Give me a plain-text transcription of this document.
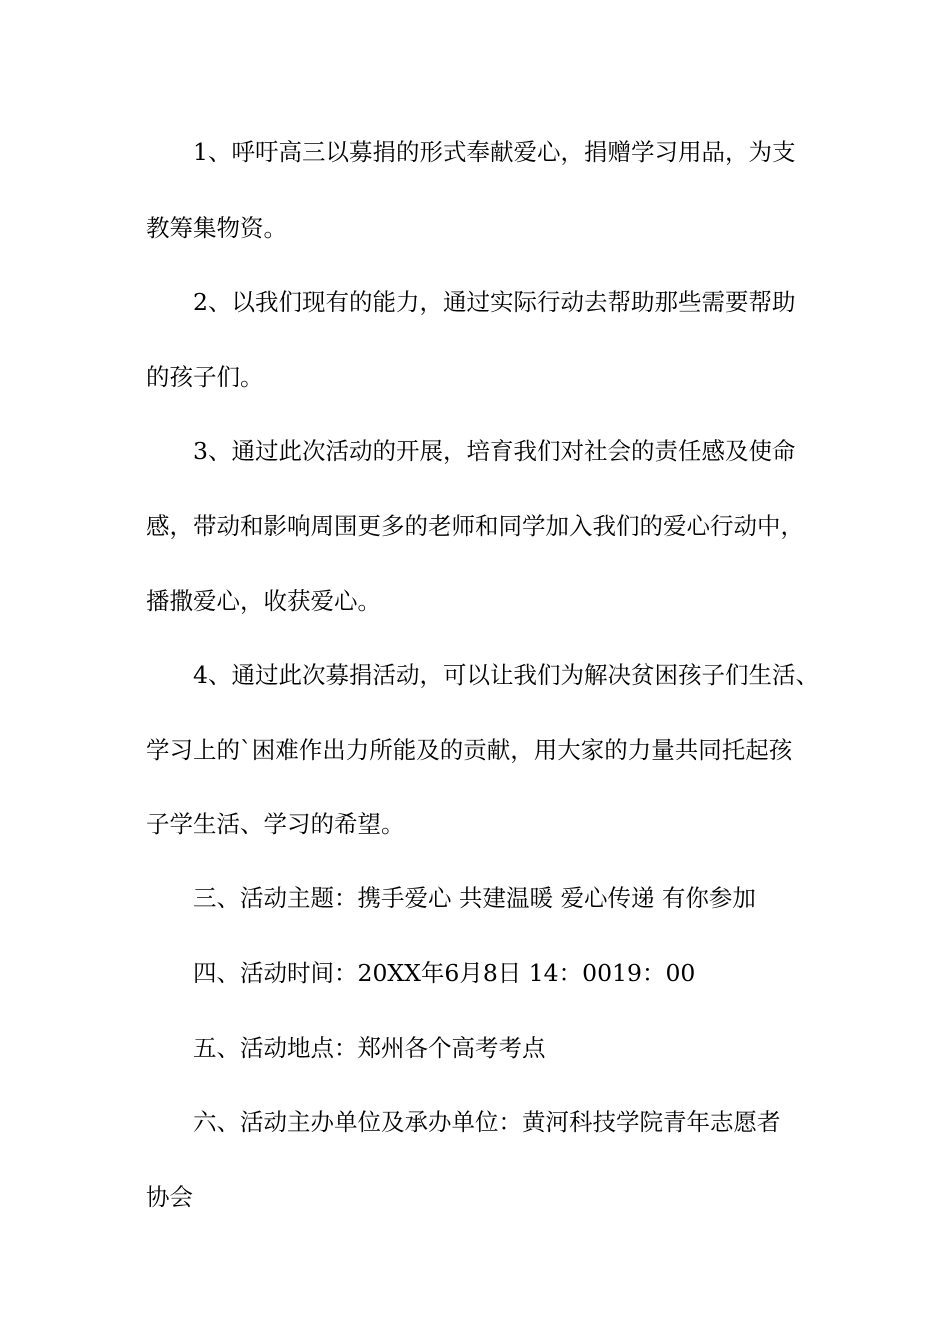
1、呼吁高三以募捐的形式奉献爱心，捐赠学习用品，为支
教筹集物资。
2、以我们现有的能力，通过实际行动去帮助那些需要帮助
的孩子们。
3、通过此次活动的开展，培育我们对社会的责任感及使命
感，带动和影响周围更多的老师和同学加入我们的爱心行动中，
播撒爱心，收获爱心。
4、通过此次募捐活动，可以让我们为解决贫困孩子们生活、
学习上的`困难作出力所能及的贡献，用大家的力量共同托起孩
子学生活、学习的希望。
三、活动主题：携手爱心 共建温暖 爱心传递 有你参加
四、活动时间：20XX年6月8日 14：0019：00
五、活动地点：郑州各个高考考点
六、活动主办单位及承办单位：黄河科技学院青年志愿者
协会
